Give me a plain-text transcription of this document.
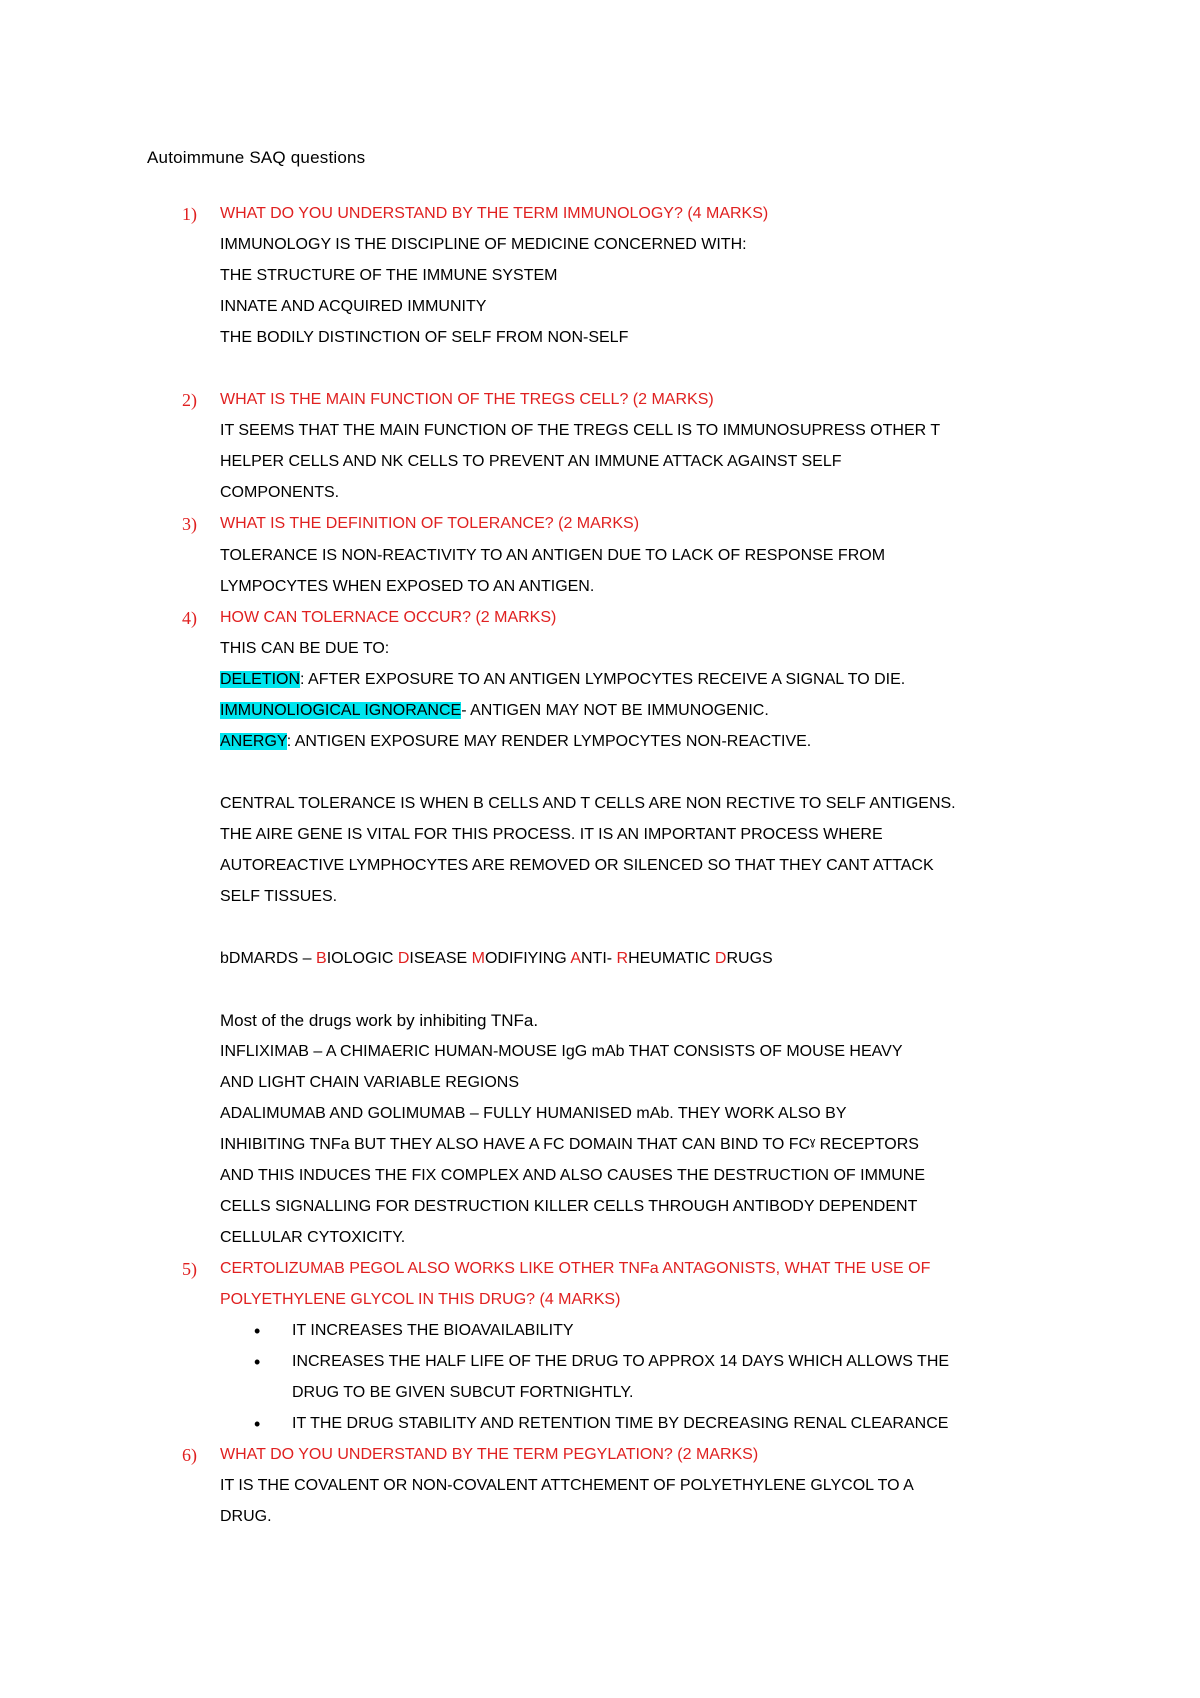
Autoimmune SAQ questions
1) WHAT DO YOU UNDERSTAND BY THE TERM IMMUNOLOGY? (4 MARKS)
IMMUNOLOGY IS THE DISCIPLINE OF MEDICINE CONCERNED WITH:
THE STRUCTURE OF THE IMMUNE SYSTEM
INNATE AND ACQUIRED IMMUNITY
THE BODILY DISTINCTION OF SELF FROM NON-SELF
2) WHAT IS THE MAIN FUNCTION OF THE TREGS CELL? (2 MARKS)
IT SEEMS THAT THE MAIN FUNCTION OF THE TREGS CELL IS TO IMMUNOSUPRESS OTHER T
HELPER CELLS AND NK CELLS TO PREVENT AN IMMUNE ATTACK AGAINST SELF
COMPONENTS.
3) WHAT IS THE DEFINITION OF TOLERANCE? (2 MARKS)
TOLERANCE IS NON-REACTIVITY TO AN ANTIGEN DUE TO LACK OF RESPONSE FROM
LYMPOCYTES WHEN EXPOSED TO AN ANTIGEN.
4) HOW CAN TOLERNACE OCCUR? (2 MARKS)
THIS CAN BE DUE TO:
DELETION: AFTER EXPOSURE TO AN ANTIGEN LYMPOCYTES RECEIVE A SIGNAL TO DIE.
IMMUNOLIOGICAL IGNORANCE- ANTIGEN MAY NOT BE IMMUNOGENIC.
ANERGY: ANTIGEN EXPOSURE MAY RENDER LYMPOCYTES NON-REACTIVE.
CENTRAL TOLERANCE IS WHEN B CELLS AND T CELLS ARE NON RECTIVE TO SELF ANTIGENS.
THE AIRE GENE IS VITAL FOR THIS PROCESS. IT IS AN IMPORTANT PROCESS WHERE
AUTOREACTIVE LYMPHOCYTES ARE REMOVED OR SILENCED SO THAT THEY CANT ATTACK
SELF TISSUES.
bDMARDS – BIOLOGIC DISEASE MODIFIYING ANTI- RHEUMATIC DRUGS
Most of the drugs work by inhibiting TNFa.
INFLIXIMAB – A CHIMAERIC HUMAN-MOUSE IgG mAb THAT CONSISTS OF MOUSE HEAVY
AND LIGHT CHAIN VARIABLE REGIONS
ADALIMUMAB AND GOLIMUMAB – FULLY HUMANISED mAb. THEY WORK ALSO BY
INHIBITING TNFa BUT THEY ALSO HAVE A FC DOMAIN THAT CAN BIND TO FCˠ RECEPTORS
AND THIS INDUCES THE FIX COMPLEX AND ALSO CAUSES THE DESTRUCTION OF IMMUNE
CELLS SIGNALLING FOR DESTRUCTION KILLER CELLS THROUGH ANTIBODY DEPENDENT
CELLULAR CYTOXICITY.
5) CERTOLIZUMAB PEGOL ALSO WORKS LIKE OTHER TNFa ANTAGONISTS, WHAT THE USE OF
POLYETHYLENE GLYCOL IN THIS DRUG? (4 MARKS)
• IT INCREASES THE BIOAVAILABILITY
• INCREASES THE HALF LIFE OF THE DRUG TO APPROX 14 DAYS WHICH ALLOWS THE
DRUG TO BE GIVEN SUBCUT FORTNIGHTLY.
• IT THE DRUG STABILITY AND RETENTION TIME BY DECREASING RENAL CLEARANCE
6) WHAT DO YOU UNDERSTAND BY THE TERM PEGYLATION? (2 MARKS)
IT IS THE COVALENT OR NON-COVALENT ATTCHEMENT OF POLYETHYLENE GLYCOL TO A
DRUG.
